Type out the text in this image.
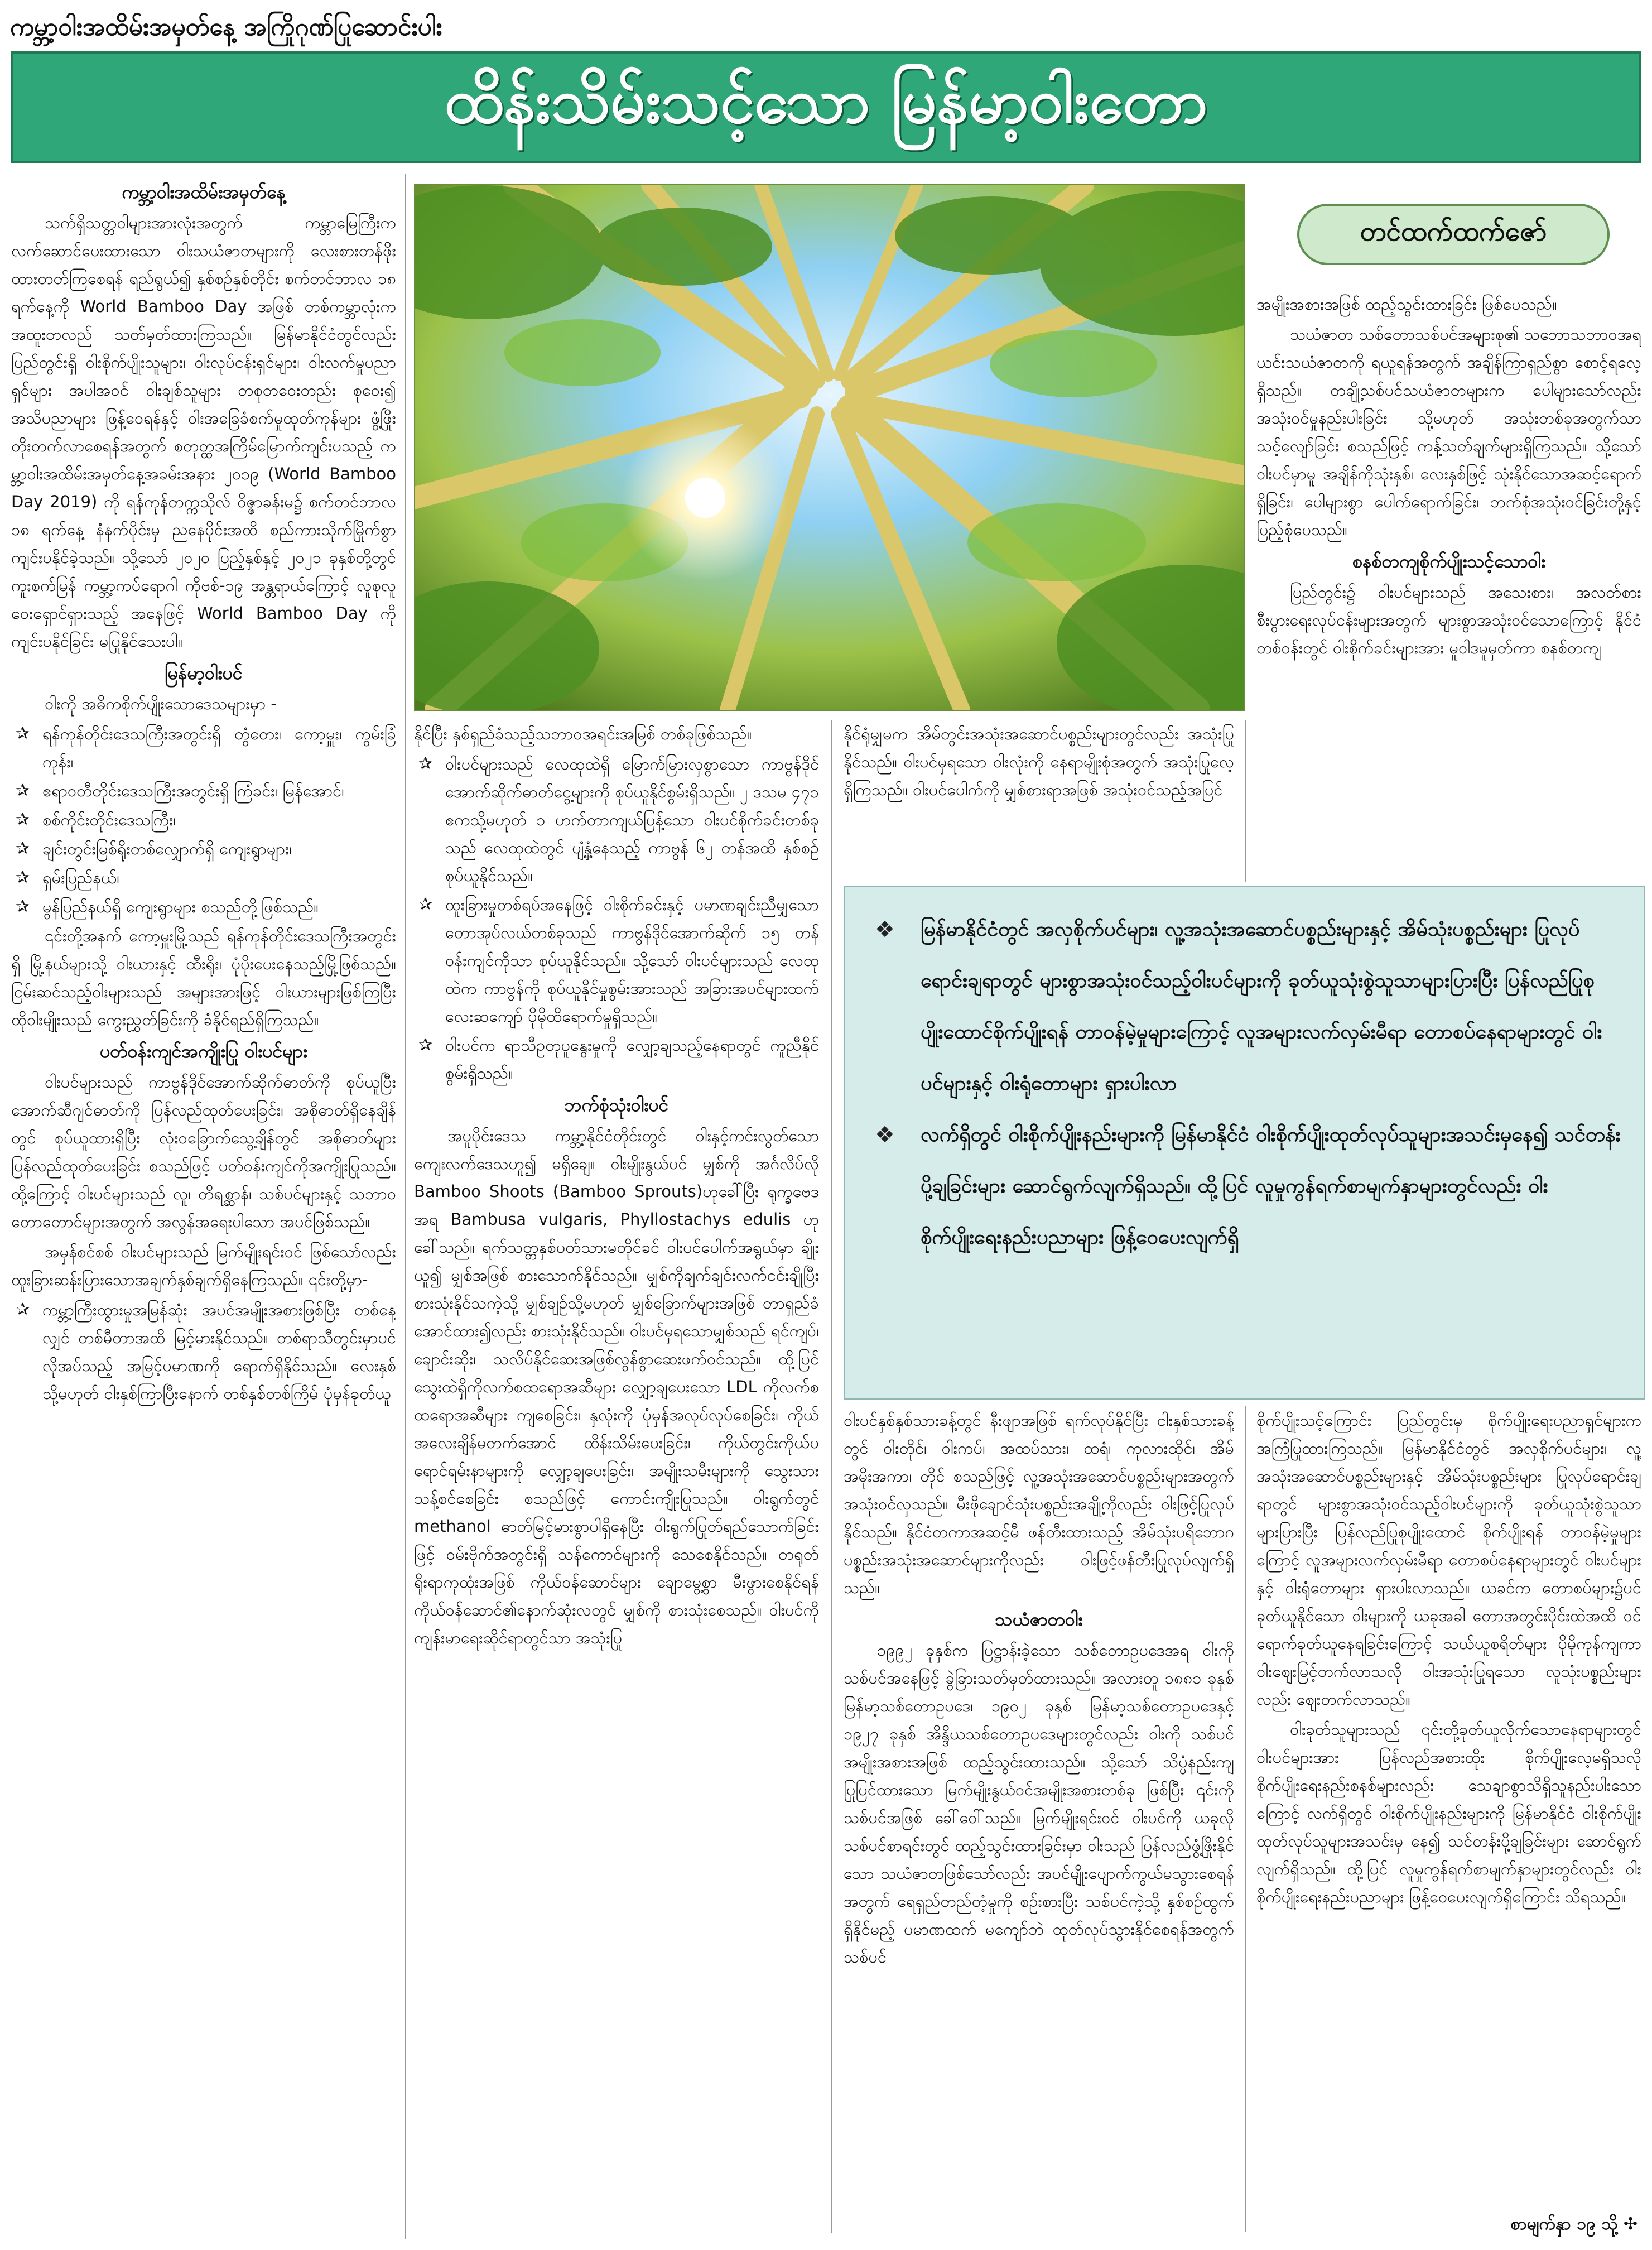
ကမ္ဘာ့ဝါးအထိမ်းအမှတ်နေ့ အကြိုဂုဏ်ပြုဆောင်းပါး
ထိန်းသိမ်းသင့်သော မြန်မာ့ဝါးတော
ကမ္ဘာ့ဝါးအထိမ်းအမှတ်နေ့

သက်ရှိသတ္တဝါများအားလုံးအတွက် ကမ္ဘာမြေကြီးက လက်ဆောင်ပေးထားသော ဝါးသယံဇာတများကို လေးစားတန်ဖိုးထားတတ်ကြစေရန် ရည်ရွယ်၍ နှစ်စဉ်နှစ်တိုင်း စက်တင်ဘာလ ၁၈ ရက်နေ့ကို World Bamboo Day အဖြစ် တစ်ကမ္ဘာလုံးက အထူးတလည် သတ်မှတ်ထားကြသည်။ မြန်မာနိုင်ငံတွင်လည်း ပြည်တွင်းရှိ ဝါးစိုက်ပျိုးသူများ၊ ဝါးလုပ်ငန်းရှင်များ၊ ဝါးလက်မှုပညာရှင်များ အပါအဝင် ဝါးချစ်သူများ တစုတဝေးတည်း စုဝေး၍ အသိပညာများ ဖြန့်ဝေရန်နှင့် ဝါးအခြေခံစက်မှုထုတ်ကုန်များ ဖွံ့ဖြိုးတိုးတက်လာစေရန်အတွက် စတုတ္ထအကြိမ်မြောက်ကျင်းပသည့် ကမ္ဘာ့ဝါးအထိမ်းအမှတ်နေ့အခမ်းအနား ၂၀၁၉ (World Bamboo Day 2019) ကို ရန်ကုန်တက္ကသိုလ် ဝိဇ္ဇာခန်းမ၌ စက်တင်ဘာလ ၁၈ ရက်နေ့ နံနက်ပိုင်းမှ ညနေပိုင်းအထိ စည်ကားသိုက်မြိုက်စွာ ကျင်းပနိုင်ခဲ့သည်။ သို့သော် ၂၀၂၀ ပြည့်နှစ်နှင့် ၂၀၂၁ ခုနှစ်တို့တွင် ကူးစက်မြန် ကမ္ဘာ့ကပ်ရောဂါ ကိုဗစ်-၁၉ အန္တရာယ်ကြောင့် လူစုလူဝေးရှောင်ရှားသည့် အနေဖြင့် World Bamboo Day ကို ကျင်းပနိုင်ခြင်း မပြုနိုင်သေးပါ။

မြန်မာ့ဝါးပင်

ဝါးကို အဓိကစိုက်ပျိုးသောဒေသများမှာ -

✰ ရန်ကုန်တိုင်းဒေသကြီးအတွင်းရှိ တွံတေး၊ ကော့မှူး၊ ကွမ်းခြံကုန်း၊
✰ ဧရာဝတီတိုင်းဒေသကြီးအတွင်းရှိ ကြံခင်း၊ မြန်အောင်၊
✰ စစ်ကိုင်းတိုင်းဒေသကြီး၊
✰ ချင်းတွင်းမြစ်ရိုးတစ်လျှောက်ရှိ ကျေးရွာများ၊
✰ ရှမ်းပြည်နယ်၊
✰ မွန်ပြည်နယ်ရှိ ကျေးရွာများ စသည်တို့ဖြစ်သည်။

၎င်းတို့အနက် ကော့မှူးမြို့သည် ရန်ကုန်တိုင်းဒေသကြီးအတွင်းရှိ မြို့နယ်များသို့ ဝါးယားနှင့် ထီးရိုး၊ ပုံပိုးပေးနေသည့်မြို့ဖြစ်သည်။ ငြမ်းဆင်သည့်ဝါးများသည် အများအားဖြင့် ဝါးယားများဖြစ်ကြပြီး ထိုဝါးမျိုးသည် ကွေးညွှတ်ခြင်းကို ခံနိုင်ရည်ရှိကြသည်။

ပတ်ဝန်းကျင်အကျိုးပြု ဝါးပင်များ

ဝါးပင်များသည် ကာဗွန်ဒိုင်အောက်ဆိုက်ဓာတ်ကို စုပ်ယူပြီး အောက်ဆီဂျင်ဓာတ်ကို ပြန်လည်ထုတ်ပေးခြင်း၊ အစိုဓာတ်ရှိနေချိန်တွင် စုပ်ယူထားရှိပြီး လုံးဝခြောက်သွေ့ချိန်တွင် အစိုဓာတ်များ ပြန်လည်ထုတ်ပေးခြင်း စသည်ဖြင့် ပတ်ဝန်းကျင်ကိုအကျိုးပြုသည်။ ထို့ကြောင့် ဝါးပင်များသည် လူ၊ တိရစ္ဆာန်၊ သစ်ပင်များနှင့် သဘာဝတောတောင်များအတွက် အလွန်အရေးပါသော အပင်ဖြစ်သည်။

အမှန်စင်စစ် ဝါးပင်များသည် မြက်မျိုးရင်းဝင် ဖြစ်သော်လည်း ထူးခြားဆန်းပြားသောအချက်နှစ်ချက်ရှိနေကြသည်။ ၎င်းတို့မှာ-

✰ ကမ္ဘာ့ကြီးထွားမှုအမြန်ဆုံး အပင်အမျိုးအစားဖြစ်ပြီး တစ်နေ့လျှင် တစ်မီတာအထိ မြင့်မားနိုင်သည်။ တစ်ရာသီတွင်းမှာပင် လိုအပ်သည့် အမြင့်ပမာဏကို ရောက်ရှိနိုင်သည်။ လေးနှစ် သို့မဟုတ် ငါးနှစ်ကြာပြီးနောက် တစ်နှစ်တစ်ကြိမ် ပုံမှန်ခုတ်ယူ
တင်ထက်ထက်ဇော်

နိုင်ပြီး နှစ်ရှည်ခံသည့်သဘာဝအရင်းအမြစ် တစ်ခုဖြစ်သည်။

✰ ဝါးပင်များသည် လေထုထဲရှိ မြောက်မြားလှစွာသော ကာဗွန်ဒိုင်အောက်ဆိုက်ဓာတ်ငွေ့များကို စုပ်ယူနိုင်စွမ်းရှိသည်။ ၂ ဒသမ ၄၇၁ ဧကသို့မဟုတ် ၁ ဟက်တာကျယ်ပြန့်သော ဝါးပင်စိုက်ခင်းတစ်ခုသည် လေထုထဲတွင် ပျံ့နှံ့နေသည့် ကာဗွန် ၆၂ တန်အထိ နှစ်စဉ်စုပ်ယူနိုင်သည်။
✰ ထူးခြားမှုတစ်ရပ်အနေဖြင့် ဝါးစိုက်ခင်းနှင့် ပမာဏချင်းညီမျှသော တောအုပ်လယ်တစ်ခုသည် ကာဗွန်ဒိုင်အောက်ဆိုက် ၁၅ တန်ဝန်းကျင်ကိုသာ စုပ်ယူနိုင်သည်။ သို့သော် ဝါးပင်များသည် လေထုထဲက ကာဗွန်ကို စုပ်ယူနိုင်မှုစွမ်းအားသည် အခြားအပင်များထက် လေးဆကျော် ပိုမိုထိရောက်မှုရှိသည်။
✰ ဝါးပင်က ရာသီဥတုပူနွေးမှုကို လျှော့ချသည့်နေရာတွင် ကူညီနိုင်စွမ်းရှိသည်။
ဘက်စုံသုံးဝါးပင်

အပူပိုင်းဒေသ ကမ္ဘာ့နိုင်ငံတိုင်းတွင် ဝါးနှင့်ကင်းလွတ်သောကျေးလက်ဒေသဟူ၍ မရှိချေ။ ဝါးမျိုးနွယ်ပင် မျှစ်ကို အင်္ဂလိပ်လို Bamboo Shoots (Bamboo Sprouts)ဟုခေါ်ပြီး ရုက္ခဗေဒအရ Bambusa vulgaris, Phyllostachys edulis ဟု ခေါ်သည်။ ရက်သတ္တနှစ်ပတ်သားမတိုင်ခင် ဝါးပင်ပေါက်အရွယ်မှာ ချိုးယူ၍ မျှစ်အဖြစ် စားသောက်နိုင်သည်။ မျှစ်ကိုချက်ချင်းလက်ငင်းချိုပြီး စားသုံးနိုင်သကဲ့သို့ မျှစ်ချဉ်သို့မဟုတ် မျှစ်ခြောက်များအဖြစ် တာရှည်ခံအောင်ထား၍လည်း စားသုံးနိုင်သည်။ ဝါးပင်မှရသောမျှစ်သည် ရင်ကျပ်၊ ချောင်းဆိုး၊ သလိပ်နိုင်ဆေးအဖြစ်လွန်စွာဆေးဖက်ဝင်သည်။ ထို့ပြင် သွေးထဲရှိကိုလက်စထရောအဆီများ လျှော့ချပေးသော LDL ကိုလက်စထရောအဆီများ ကျစေခြင်း၊ နှလုံးကို ပုံမှန်အလုပ်လုပ်စေခြင်း၊ ကိုယ်အလေးချိန်မတက်အောင် ထိန်းသိမ်းပေးခြင်း၊ ကိုယ်တွင်းကိုယ်ပ ရောင်ရမ်းနာများကို လျှော့ချပေးခြင်း၊ အမျိုးသမီးများကို သွေးသားသန့်စင်စေခြင်း စသည်ဖြင့် ကောင်းကျိုးပြုသည်။ ဝါးရွက်တွင် methanol ဓာတ်မြင့်မားစွာပါရှိနေပြီး ဝါးရွက်ပြုတ်ရည်သောက်ခြင်းဖြင့် ဝမ်းဗိုက်အတွင်းရှိ သန်ကောင်များကို သေစေနိုင်သည်။ တရုတ်ရိုးရာကုထုံးအဖြစ် ကိုယ်ဝန်ဆောင်များ ချောမွေ့စွာ မီးဖွားစေနိုင်ရန် ကိုယ်ဝန်ဆောင်၏နောက်ဆုံးလတွင် မျှစ်ကို စားသုံးစေသည်။ ဝါးပင်ကို ကျန်းမာရေးဆိုင်ရာတွင်သာ အသုံးပြု

နိုင်ရုံမျှမက အိမ်တွင်းအသုံးအဆောင်ပစ္စည်းများတွင်လည်း အသုံးပြုနိုင်သည်။ ဝါးပင်မှရသော ဝါးလုံးကို နေရာမျိုးစုံအတွက် အသုံးပြုလေ့ရှိကြသည်။ ဝါးပင်ပေါက်ကို မျှစ်စားရာအဖြစ် အသုံးဝင်သည့်အပြင်

ဝါးပင်နှစ်နှစ်သားခန့်တွင် နီးဖျာအဖြစ် ရက်လုပ်နိုင်ပြီး ငါးနှစ်သားခန့်တွင် ဝါးတိုင်၊ ဝါးကပ်၊ အထပ်သား၊ ထရံ၊ ကုလားထိုင်၊ အိမ်အမိုးအကာ၊ တိုင် စသည်ဖြင့် လူ့အသုံးအဆောင်ပစ္စည်းများအတွက် အသုံးဝင်လှသည်။ မီးဖိုချောင်သုံးပစ္စည်းအချို့ကိုလည်း ဝါးဖြင့်ပြုလုပ်နိုင်သည်။ နိုင်ငံတကာအဆင့်မီ ဖန်တီးထားသည့် အိမ်သုံးပရိဘောဂပစ္စည်းအသုံးအဆောင်များကိုလည်း ဝါးဖြင့်ဖန်တီးပြုလုပ်လျက်ရှိသည်။

သယံဇာတဝါး

၁၉၉၂ ခုနှစ်က ပြဋ္ဌာန်းခဲ့သော သစ်တောဥပဒေအရ ဝါးကို သစ်ပင်အနေဖြင့် ခွဲခြားသတ်မှတ်ထားသည်။ အလားတူ ၁၈၈၁ ခုနှစ် မြန်မာ့သစ်တောဥပဒေ၊ ၁၉၀၂ ခုနှစ် မြန်မာ့သစ်တောဥပဒေနှင့် ၁၉၂၇ ခုနှစ် အိန္ဒိယသစ်တောဥပဒေများတွင်လည်း ဝါးကို သစ်ပင်အမျိုးအစားအဖြစ် ထည့်သွင်းထားသည်။ သို့သော် သိပ္ပံနည်းကျ ပြုပြင်ထားသော မြက်မျိုးနွယ်ဝင်အမျိုးအစားတစ်ခု ဖြစ်ပြီး ၎င်းကို သစ်ပင်အဖြစ် ခေါ်ဝေါ်သည်။ မြက်မျိုးရင်းဝင် ဝါးပင်ကို ယခုလိုသစ်ပင်စာရင်းတွင် ထည့်သွင်းထားခြင်းမှာ ဝါးသည် ပြန်လည်ဖွံ့ဖြိုးနိုင်သော သယံဇာတဖြစ်သော်လည်း အပင်မျိုးပျောက်ကွယ်မသွားစေရန်အတွက် ရေရှည်တည်တံ့မှုကို စဉ်းစားပြီး သစ်ပင်ကဲ့သို့ နှစ်စဉ်ထွက်ရှိနိုင်မည့် ပမာဏထက် မကျော်ဘဲ ထုတ်လုပ်သွားနိုင်စေရန်အတွက် သစ်ပင်

အမျိုးအစားအဖြစ် ထည့်သွင်းထားခြင်း ဖြစ်ပေသည်။

သယံဇာတ သစ်တောသစ်ပင်အများစု၏ သဘောသဘာဝအရ ယင်းသယံဇာတကို ရယူရန်အတွက် အချိန်ကြာရှည်စွာ စောင့်ရလေ့ရှိသည်။ တချို့သစ်ပင်သယံဇာတများက ပေါများသော်လည်း အသုံးဝင်မှုနည်းပါးခြင်း သို့မဟုတ် အသုံးတစ်ခုအတွက်သာ သင့်လျော်ခြင်း စသည်ဖြင့် ကန့်သတ်ချက်များရှိကြသည်။ သို့သော် ဝါးပင်မှာမူ အချိန်ကိုသုံးနှစ်၊ လေးနှစ်ဖြင့် သုံးနိုင်သောအဆင့်ရောက်ရှိခြင်း၊ ပေါများစွာ ပေါက်ရောက်ခြင်း၊ ဘက်စုံအသုံးဝင်ခြင်းတို့နှင့် ပြည့်စုံပေသည်။

စနစ်တကျစိုက်ပျိုးသင့်သောဝါး

ပြည်တွင်း၌ ဝါးပင်များသည် အသေးစား၊ အလတ်စား စီးပွားရေးလုပ်ငန်းများအတွက် များစွာအသုံးဝင်သောကြောင့် နိုင်ငံတစ်ဝန်းတွင် ဝါးစိုက်ခင်းများအား မူဝါဒမူမှတ်ကာ စနစ်တကျ

စိုက်ပျိုးသင့်ကြောင်း ပြည်တွင်းမှ စိုက်ပျိုးရေးပညာရှင်များက အကြံပြုထားကြသည်။ မြန်မာနိုင်ငံတွင် အလှစိုက်ပင်များ၊ လူ့အသုံးအဆောင်ပစ္စည်းများနှင့် အိမ်သုံးပစ္စည်းများ ပြုလုပ်ရောင်းချရာတွင် များစွာအသုံးဝင်သည့်ဝါးပင်များကို ခုတ်ယူသုံးစွဲသူသာများပြားပြီး ပြန်လည်ပြုစုပျိုးထောင် စိုက်ပျိုးရန် တာဝန်မဲ့မှုများကြောင့် လူအများလက်လှမ်းမီရာ တောစပ်နေရာများတွင် ဝါးပင်များနှင့် ဝါးရုံတောများ ရှားပါးလာသည်။ ယခင်က တောစပ်များ၌ပင် ခုတ်ယူနိုင်သော ဝါးများကို ယခုအခါ တောအတွင်းပိုင်းထဲအထိ ဝင်ရောက်ခုတ်ယူနေရခြင်းကြောင့် သယ်ယူစရိတ်များ ပိုမိုကုန်ကျကာ ဝါးဈေးမြင့်တက်လာသလို ဝါးအသုံးပြုရသော လူသုံးပစ္စည်းများလည်း ဈေးတက်လာသည်။

ဝါးခုတ်သူများသည် ၎င်းတို့ခုတ်ယူလိုက်သောနေရာများတွင် ဝါးပင်များအား ပြန်လည်အစားထိုး စိုက်ပျိုးလေ့မရှိသလို စိုက်ပျိုးရေးနည်းစနစ်များလည်း သေချာစွာသိရှိသူနည်းပါးသောကြောင့် လက်ရှိတွင် ဝါးစိုက်ပျိုးနည်းများကို မြန်မာနိုင်ငံ ဝါးစိုက်ပျိုးထုတ်လုပ်သူများအသင်းမှ နေ၍ သင်တန်းပို့ချခြင်းများ ဆောင်ရွက်လျက်ရှိသည်။ ထို့ပြင် လူမှုကွန်ရက်စာမျက်နှာများတွင်လည်း ဝါးစိုက်ပျိုးရေးနည်းပညာများ ဖြန့်ဝေပေးလျက်ရှိကြောင်း သိရသည်။

❖ မြန်မာနိုင်ငံတွင် အလှစိုက်ပင်များ၊ လူ့အသုံးအဆောင်ပစ္စည်းများနှင့် အိမ်သုံးပစ္စည်းများ ပြုလုပ်ရောင်းချရာတွင် များစွာအသုံးဝင်သည့်ဝါးပင်များကို ခုတ်ယူသုံးစွဲသူသာများပြားပြီး ပြန်လည်ပြုစုပျိုးထောင်စိုက်ပျိုးရန် တာဝန်မဲ့မှုများကြောင့် လူအများလက်လှမ်းမီရာ တောစပ်နေရာများတွင် ဝါးပင်များနှင့် ဝါးရုံတောများ ရှားပါးလာ
❖ လက်ရှိတွင် ဝါးစိုက်ပျိုးနည်းများကို မြန်မာနိုင်ငံ ဝါးစိုက်ပျိုးထုတ်လုပ်သူများအသင်းမှနေ၍ သင်တန်းပို့ချခြင်းများ ဆောင်ရွက်လျက်ရှိသည်။ ထို့ပြင် လူမှုကွန်ရက်စာမျက်နှာများတွင်လည်း ဝါးစိုက်ပျိုးရေးနည်းပညာများ ဖြန့်ဝေပေးလျက်ရှိ
စာမျက်နှာ ၁၉ သို့ ✣
